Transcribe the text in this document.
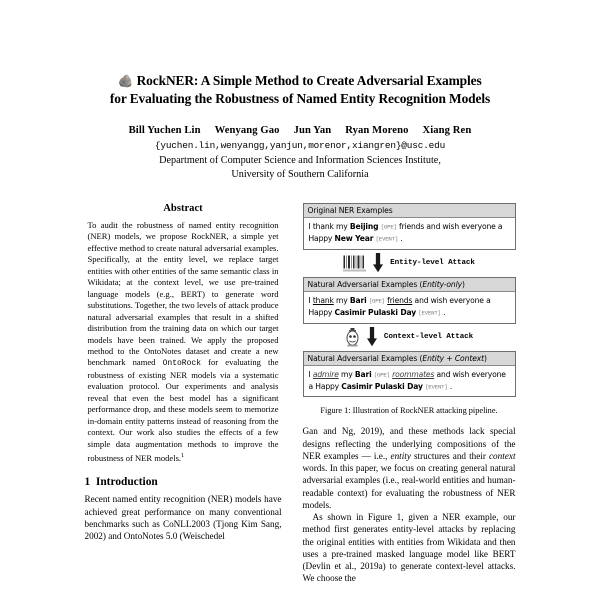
🪨 RockNER: A Simple Method to Create Adversarial Examples
for Evaluating the Robustness of Named Entity Recognition Models
Bill Yuchen Lin Wenyang Gao Jun Yan Ryan Moreno Xiang Ren
{yuchen.lin,wenyangg,yanjun,morenor,xiangren}@usc.edu
Department of Computer Science and Information Sciences Institute,
University of Southern California
Abstract
To audit the robustness of named entity recognition (NER) models, we propose RockNER, a simple yet effective method to create natural adversarial examples. Specifically, at the entity level, we replace target entities with other entities of the same semantic class in Wikidata; at the context level, we use pre-trained language models (e.g., BERT) to generate word substitutions. Together, the two levels of attack produce natural adversarial examples that result in a shifted distribution from the training data on which our target models have been trained. We apply the proposed method to the OntoNotes dataset and create a new benchmark named OntoRock for evaluating the robustness of existing NER models via a systematic evaluation protocol. Our experiments and analysis reveal that even the best model has a significant performance drop, and these models seem to memorize in-domain entity patterns instead of reasoning from the context. Our work also studies the effects of a few simple data augmentation methods to improve the robustness of NER models.$^1$
1 Introduction

Recent named entity recognition (NER) models have achieved great performance on many conventional benchmarks such as CoNLL2003 (Tjong Kim Sang, 2002) and OntoNotes 5.0 (Weischedel

Original NER Examples
I thank my Beijing [GPE] friends and wish everyone a Happy New Year [EVENT] .
Entity-level Attack
Natural Adversarial Examples (Entity-only)
I thank my Bari [GPE] friends and wish everyone a Happy Casimir Pulaski Day [EVENT] .
Context-level Attack
Natural Adversarial Examples (Entity + Context)
I admire my Bari [GPE] roommates and wish everyone a Happy Casimir Pulaski Day [EVENT] .
Figure 1: Illustration of RockNER attacking pipeline.

Gan and Ng, 2019), and these methods lack special designs reflecting the underlying compositions of the NER examples — i.e., entity structures and their context words. In this paper, we focus on creating general natural adversarial examples (i.e., real-world entities and human-readable context) for evaluating the robustness of NER models.

As shown in Figure 1, given a NER example, our method first generates entity-level attacks by replacing the original entities with entities from Wikidata and then uses a pre-trained masked language model like BERT (Devlin et al., 2019a) to generate context-level attacks. We choose the
